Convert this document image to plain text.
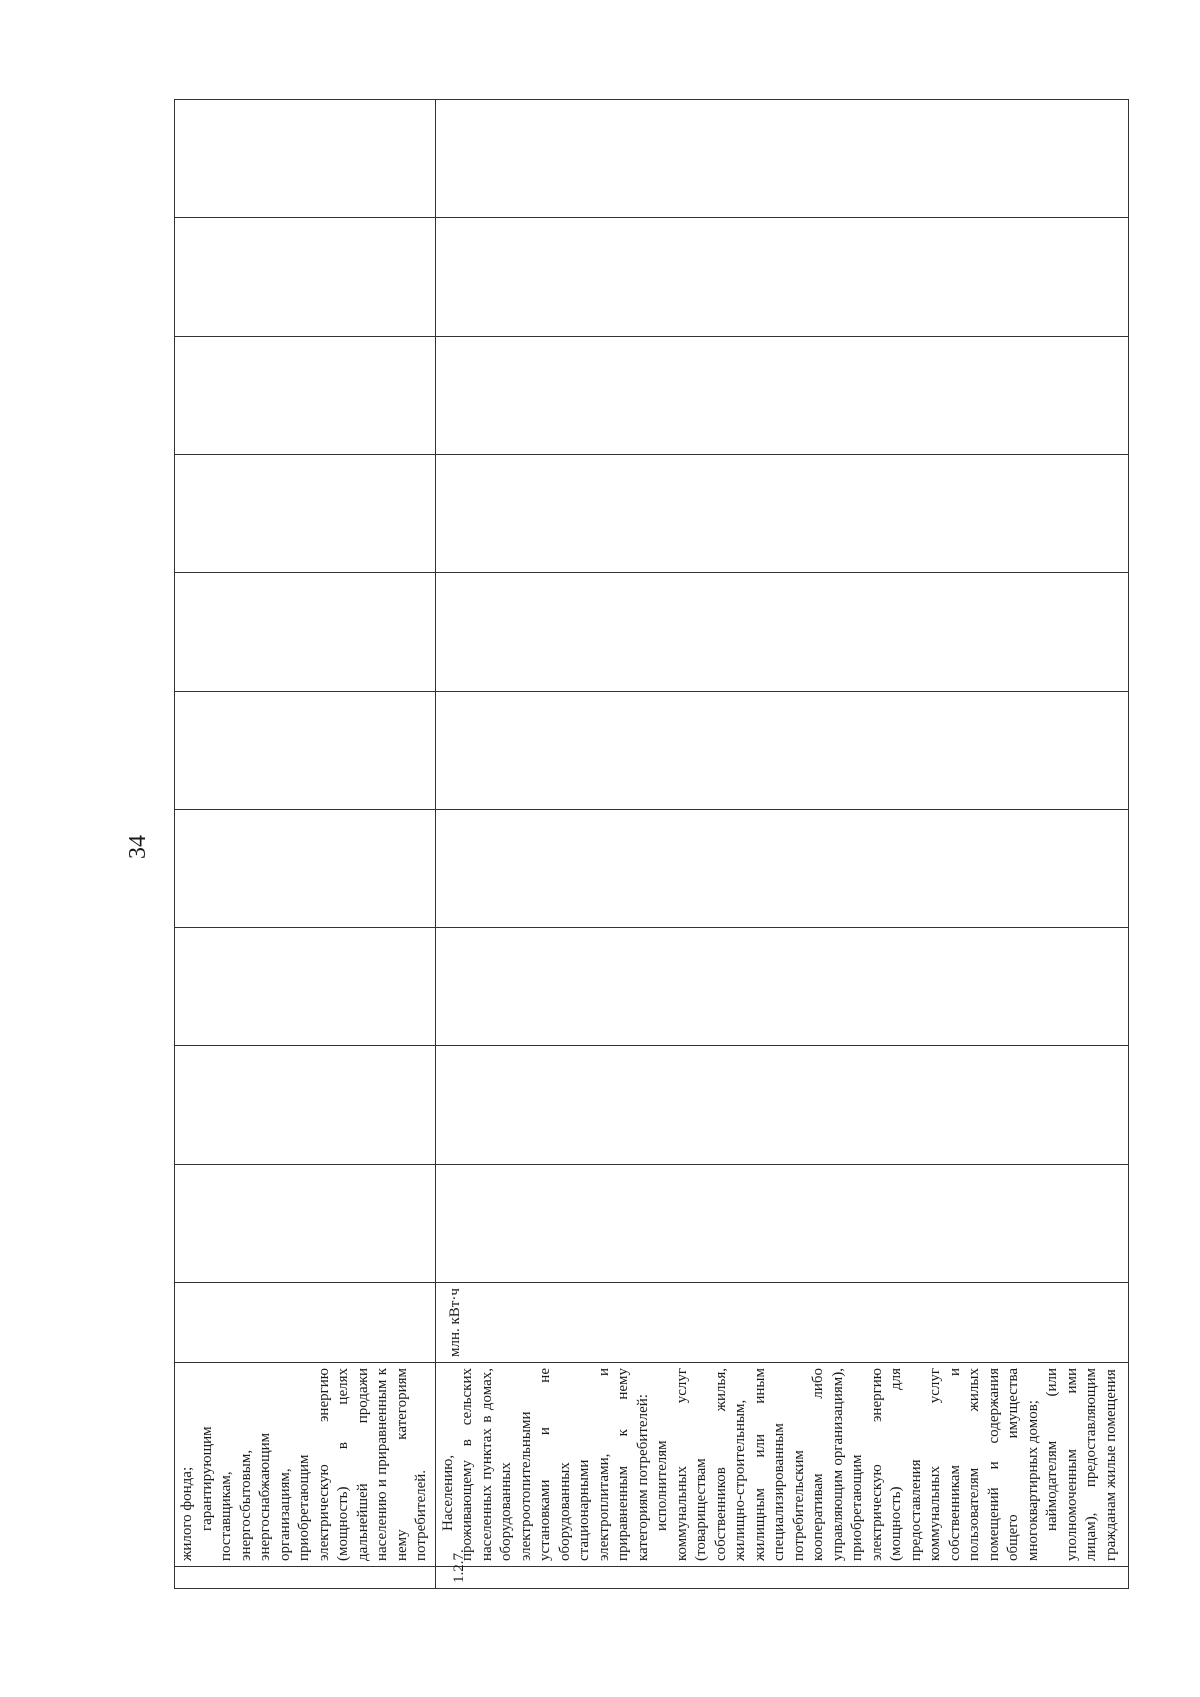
34

	жилого фонда; гарантирующим поставщикам, энергосбытовым, энергоснабжающим организациям, приобретающим электрическую энергию (мощность) в целях дальнейшей продажи населению и приравненным к нему категориям потребителей.											

1.2.7.	Населению, проживающему в сельских населенных пунктах в домах, оборудованных электроотопительными установками и не оборудованных стационарными электроплитами, и приравненным к нему категориям потребителей: исполнителям коммунальных услуг (товариществам собственников жилья, жилищно-строительным, жилищным или иным специализированным потребительским кооперативам либо управляющим организациям), приобретающим электрическую энергию (мощность) для предоставления коммунальных услуг собственникам и пользователям жилых помещений и содержания общего имущества многоквартирных домов; наймодателям (или уполномоченным ими лицам), предоставляющим гражданам жилые помещения	млн. кВт·ч										
